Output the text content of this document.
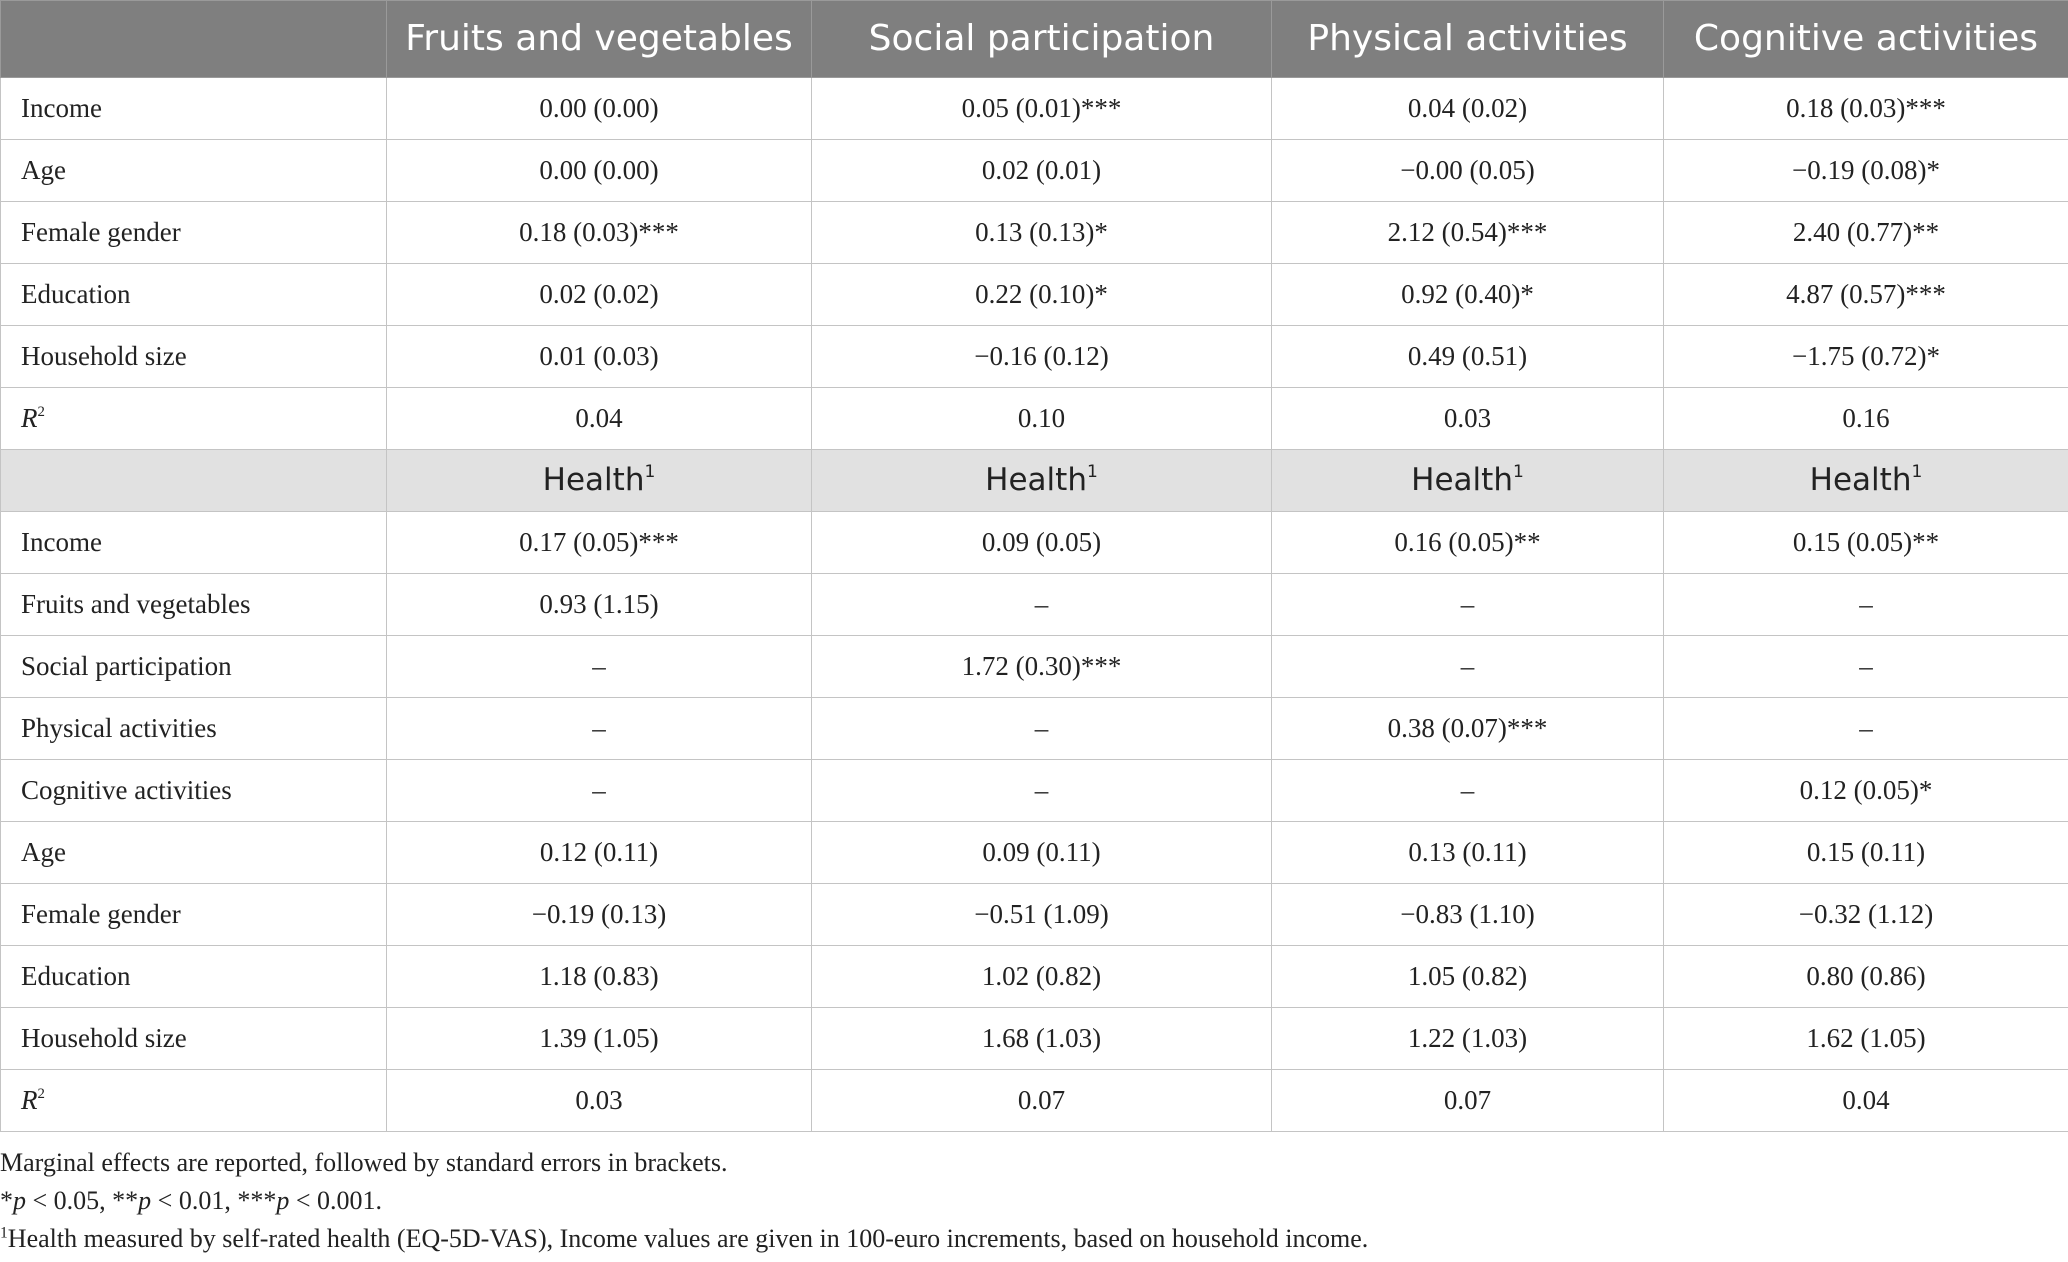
	Fruits and vegetables	Social participation	Physical activities	Cognitive activities
Income	0.00 (0.00)	0.05 (0.01)***	0.04 (0.02)	0.18 (0.03)***
Age	0.00 (0.00)	0.02 (0.01)	−0.00 (0.05)	−0.19 (0.08)*
Female gender	0.18 (0.03)***	0.13 (0.13)*	2.12 (0.54)***	2.40 (0.77)**
Education	0.02 (0.02)	0.22 (0.10)*	0.92 (0.40)*	4.87 (0.57)***
Household size	0.01 (0.03)	−0.16 (0.12)	0.49 (0.51)	−1.75 (0.72)*
$R^2$	0.04	0.10	0.03	0.16
	Health$^1$	Health$^1$	Health$^1$	Health$^1$
Income	0.17 (0.05)***	0.09 (0.05)	0.16 (0.05)**	0.15 (0.05)**
Fruits and vegetables	0.93 (1.15)	–	–	–
Social participation	–	1.72 (0.30)***	–	–
Physical activities	–	–	0.38 (0.07)***	–
Cognitive activities	–	–	–	0.12 (0.05)*
Age	0.12 (0.11)	0.09 (0.11)	0.13 (0.11)	0.15 (0.11)
Female gender	−0.19 (0.13)	−0.51 (1.09)	−0.83 (1.10)	−0.32 (1.12)
Education	1.18 (0.83)	1.02 (0.82)	1.05 (0.82)	0.80 (0.86)
Household size	1.39 (1.05)	1.68 (1.03)	1.22 (1.03)	1.62 (1.05)
$R^2$	0.03	0.07	0.07	0.04

Marginal effects are reported, followed by standard errors in brackets.

*p < 0.05, **p < 0.01, ***p < 0.001.

$^1$Health measured by self-rated health (EQ-5D-VAS), Income values are given in 100-euro increments, based on household income.
